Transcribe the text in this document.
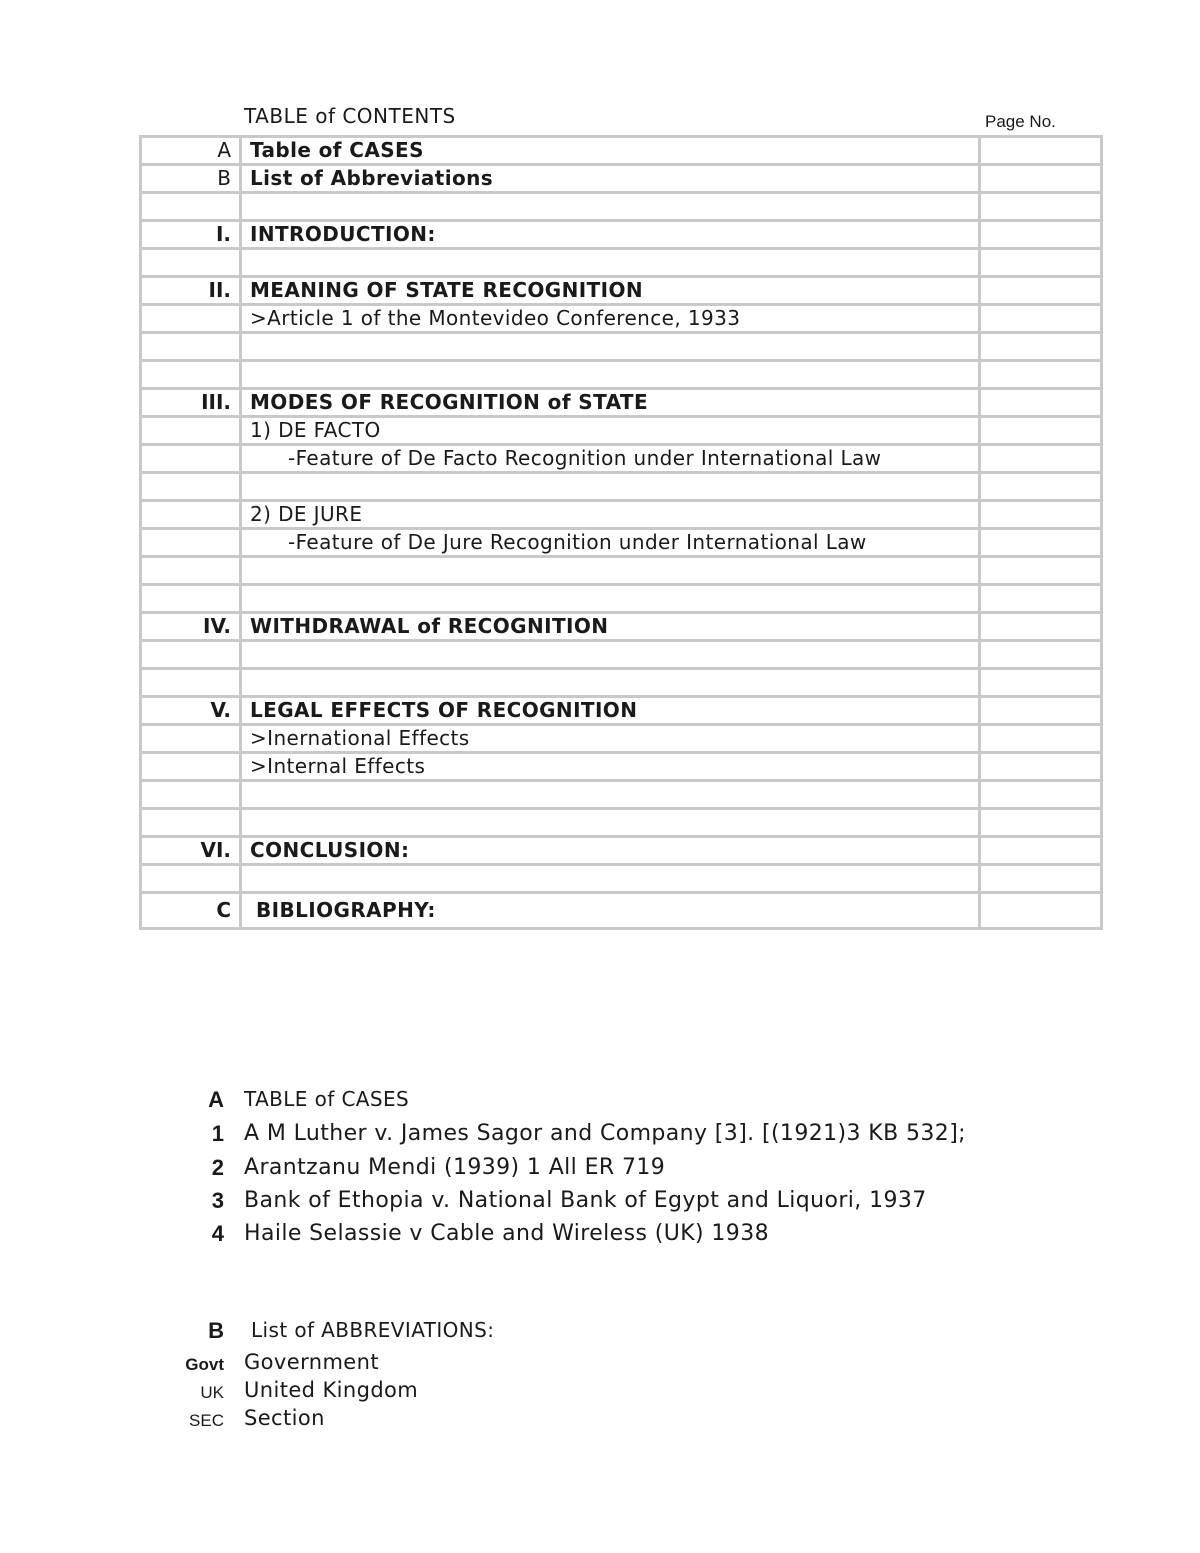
TABLE of CONTENTS	Page No.
A	Table of CASES	
B	List of Abbreviations	

I.	INTRODUCTION:	

II.	MEANING OF STATE RECOGNITION	
	>Article 1 of the Montevideo Conference, 1933	

III.	MODES OF RECOGNITION of STATE	
	1) DE FACTO	
	-Feature of De Facto Recognition under International Law	

	2) DE JURE	
	-Feature of De Jure Recognition under International Law	

IV.	WITHDRAWAL of RECOGNITION	

V.	LEGAL EFFECTS OF RECOGNITION	
	>Inernational Effects	
	>Internal Effects	

VI.	CONCLUSION:	

C	BIBLIOGRAPHY:	
A TABLE of CASES
1 A M Luther v. James Sagor and Company [3]. [(1921)3 KB 532];
2 Arantzanu Mendi (1939) 1 All ER 719
3 Bank of Ethopia v. National Bank of Egypt and Liquori, 1937
4 Haile Selassie v Cable and Wireless (UK) 1938
B List of ABBREVIATIONS:
Govt Government
UK United Kingdom
SEC Section
